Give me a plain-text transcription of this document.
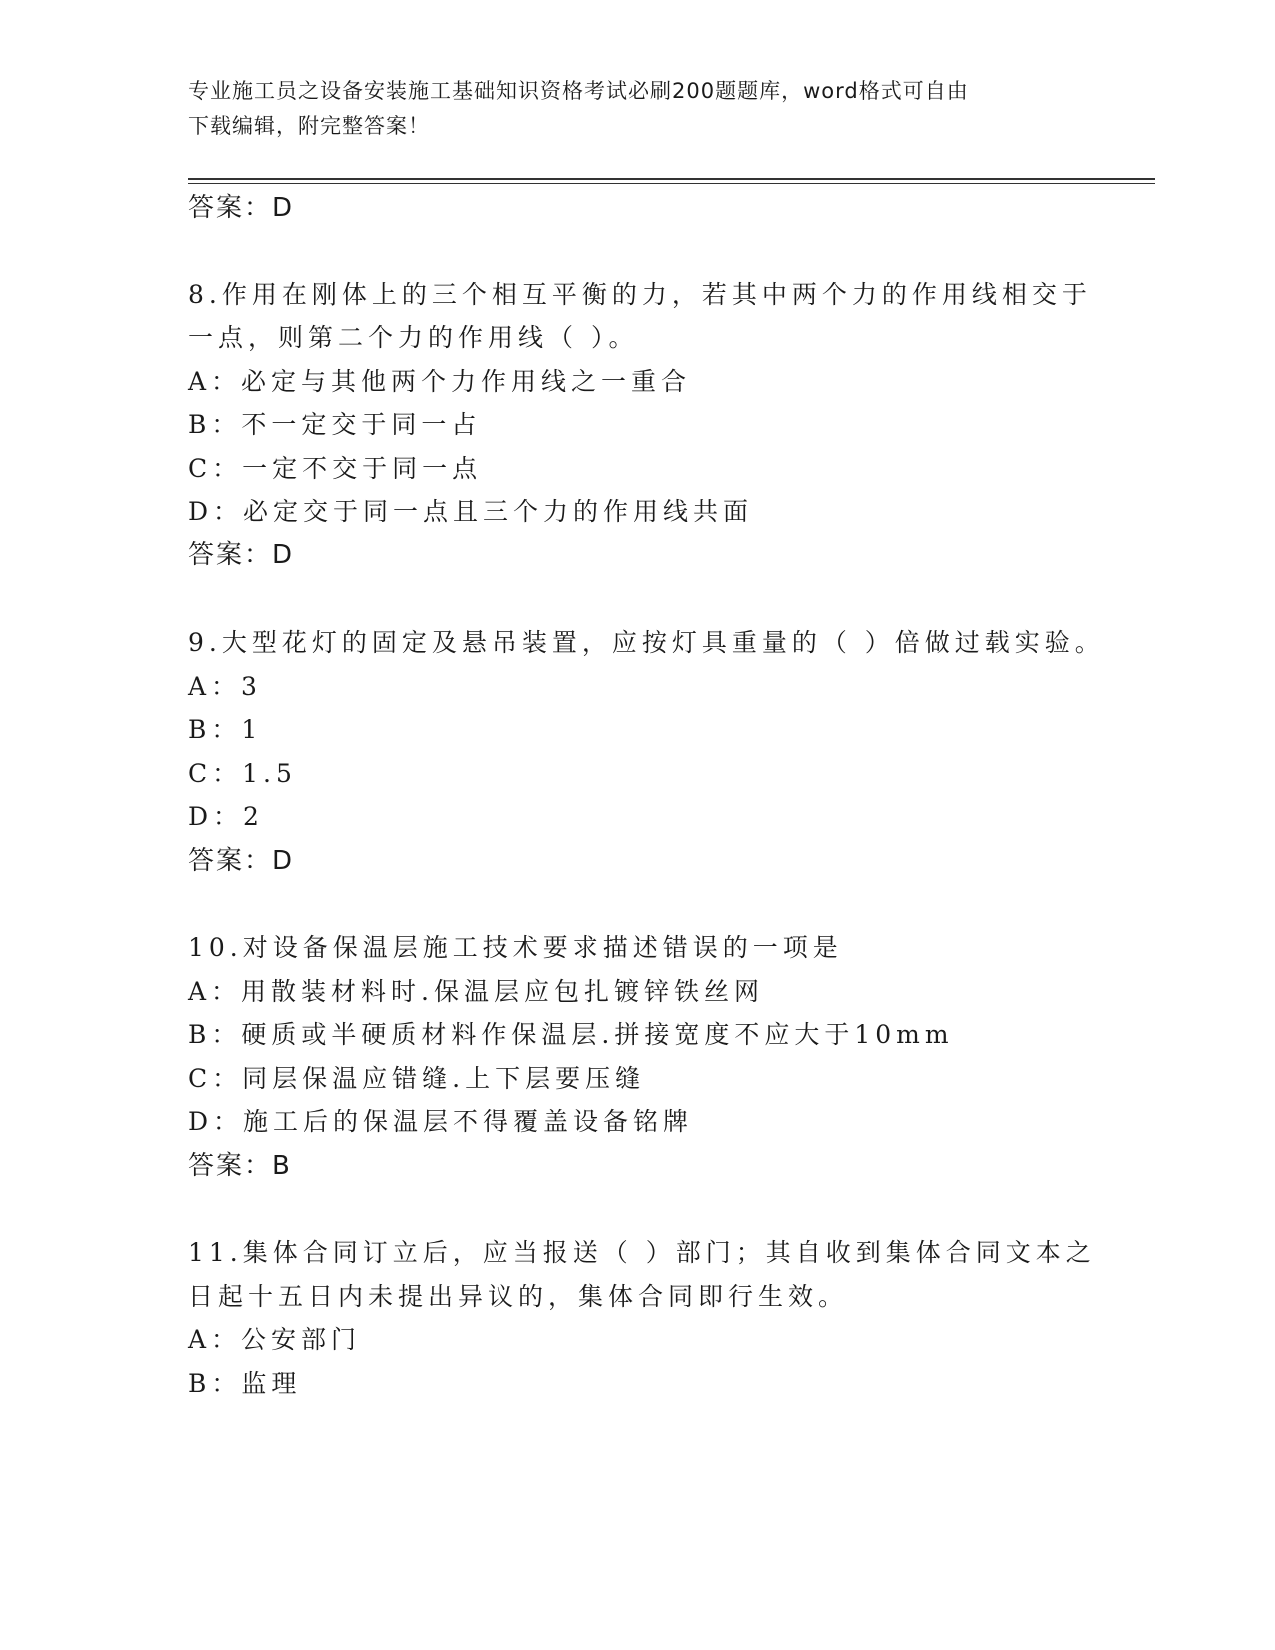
专业施工员之设备安装施工基础知识资格考试必刷200题题库，word格式可自由
下载编辑，附完整答案！
答案：D
8.作用在刚体上的三个相互平衡的力，若其中两个力的作用线相交于
一点，则第二个力的作用线（ ）。
A：必定与其他两个力作用线之一重合
B：不一定交于同一占
C：一定不交于同一点
D：必定交于同一点且三个力的作用线共面
答案：D
9.大型花灯的固定及悬吊装置，应按灯具重量的（ ）倍做过载实验。
A：3
B：1
C：1.5
D：2
答案：D
10.对设备保温层施工技术要求描述错误的一项是
A：用散装材料时.保温层应包扎镀锌铁丝网
B：硬质或半硬质材料作保温层.拼接宽度不应大于10mm
C：同层保温应错缝.上下层要压缝
D：施工后的保温层不得覆盖设备铭牌
答案：B
11.集体合同订立后，应当报送（ ）部门；其自收到集体合同文本之
日起十五日内未提出异议的，集体合同即行生效。
A：公安部门
B：监理
